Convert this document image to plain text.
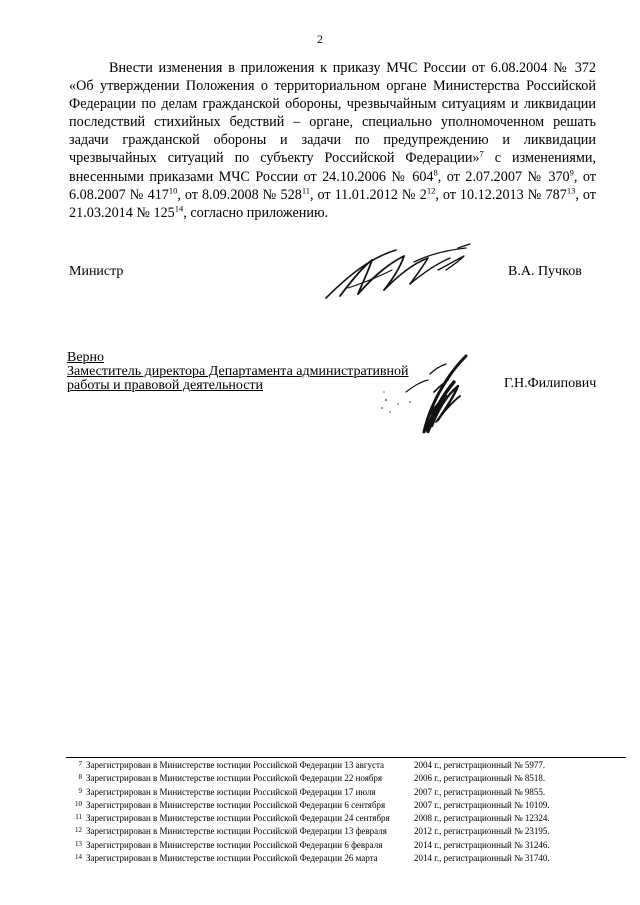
2

Внести изменения в приложения к приказу МЧС России от 6.08.2004 № 372 «Об утверждении Положения о территориальном органе Министерства Российской Федерации по делам гражданской обороны, чрезвычайным ситуациям и ликвидации последствий стихийных бедствий – органе, специально уполномоченном решать задачи гражданской обороны и задачи по предупреждению и ликвидации чрезвычайных ситуаций по субъекту Российской Федерации»$^7$ с изменениями, внесенными приказами МЧС России от 24.10.2006 № $604^8$, от 2.07.2007 № $370^9$, от 6.08.2007 № $417^{10}$, от 8.09.2008 № $528^{11}$, от 11.01.2012 № $2^{12}$, от 10.12.2013 № $787^{13}$, от 21.03.2014 № $125^{14}$, согласно приложению.

Министр	В.А. Пучков
Верно
Заместитель директора Департамента административной
работы и правовой деятельности	Г.Н.Филипович
7 Зарегистрирован в Министерстве юстиции Российской Федерации 13 августа	2004 г., регистрационный № 5977.
8 Зарегистрирован в Министерстве юстиции Российской Федерации 22 ноября	2006 г., регистрационный № 8518.
9 Зарегистрирован в Министерстве юстиции Российской Федерации 17 июля	2007 г., регистрационный № 9855.
10 Зарегистрирован в Министерстве юстиции Российской Федерации 6 сентября	2007 г., регистрационный № 10109.
11 Зарегистрирован в Министерстве юстиции Российской Федерации 24 сентября	2008 г., регистрационный № 12324.
12 Зарегистрирован в Министерстве юстиции Российской Федерации 13 февраля	2012 г., регистрационный № 23195.
13 Зарегистрирован в Министерстве юстиции Российской Федерации 6 февраля	2014 г., регистрационный № 31246.
14 Зарегистрирован в Министерстве юстиции Российской Федерации 26 марта	2014 г., регистрационный № 31740.
